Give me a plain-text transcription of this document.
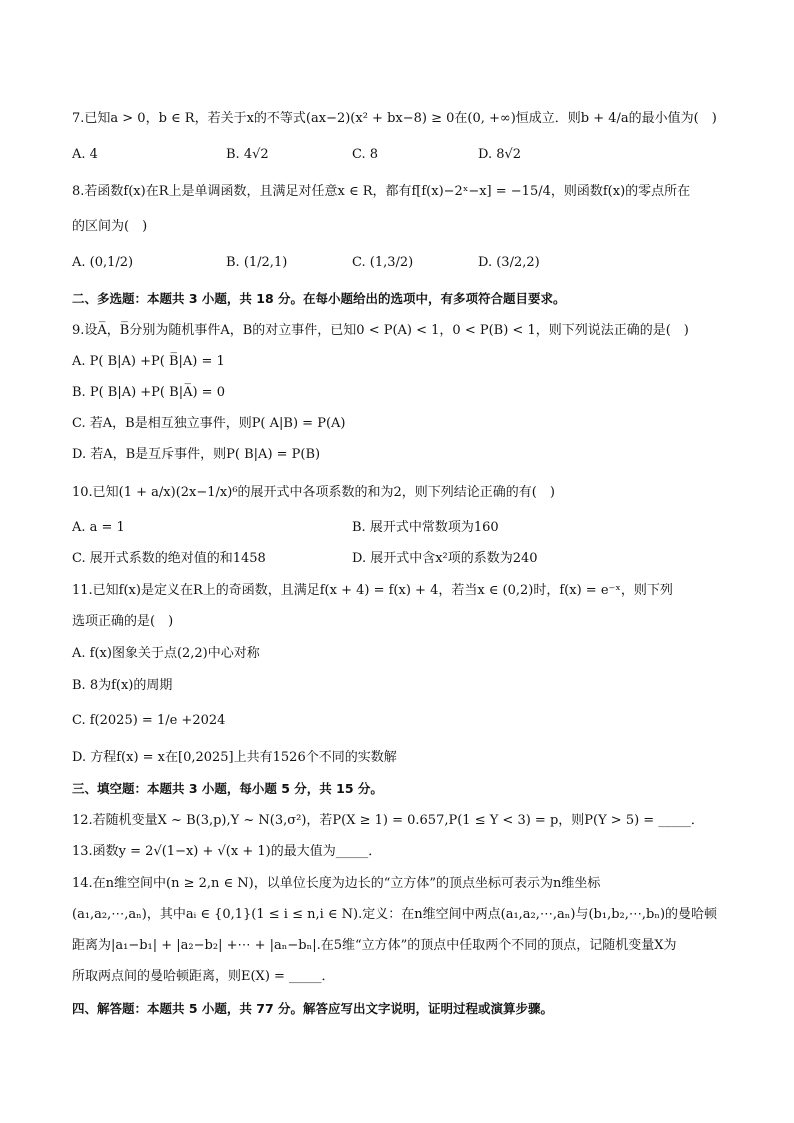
7.已知a > 0，b ∈ R，若关于x的不等式(ax−2)(x² + bx−8) ≥ 0在(0, +∞)恒成立．则b + 4/a的最小值为(　)
A. 4	B. 4√2	C. 8	D. 8√2
8.若函数f(x)在R上是单调函数，且满足对任意x ∈ R，都有f[f(x)−2ˣ−x] = −15/4，则函数f(x)的零点所在
的区间为(　)
A. (0,1/2)	B. (1/2,1)	C. (1,3/2)	D. (3/2,2)
二、多选题：本题共 3 小题，共 18 分。在每小题给出的选项中，有多项符合题目要求。
9.设A̅，B̅分别为随机事件A，B的对立事件，已知0 < P(A) < 1，0 < P(B) < 1，则下列说法正确的是(　)
A. P( B|A) +P( B̅|A) = 1
B. P( B|A) +P( B|A̅) = 0
C. 若A，B是相互独立事件，则P( A|B) = P(A)
D. 若A，B是互斥事件，则P( B|A) = P(B)
10.已知(1 + a/x)(2x−1/x)⁶的展开式中各项系数的和为2，则下列结论正确的有(　)
A. a = 1	B. 展开式中常数项为160
C. 展开式系数的绝对值的和1458	D. 展开式中含x²项的系数为240
11.已知f(x)是定义在R上的奇函数，且满足f(x + 4) = f(x) + 4，若当x ∈ (0,2)时，f(x) = e⁻ˣ，则下列
选项正确的是(　)
A. f(x)图象关于点(2,2)中心对称
B. 8为f(x)的周期
C. f(2025) = 1/e +2024
D. 方程f(x) = x在[0,2025]上共有1526个不同的实数解
三、填空题：本题共 3 小题，每小题 5 分，共 15 分。
12.若随机变量X ~ B(3,p),Y ~ N(3,σ²)，若P(X ≥ 1) = 0.657,P(1 ≤ Y < 3) = p，则P(Y > 5) = _____．
13.函数y = 2√(1−x) + √(x + 1)的最大值为_____．
14.在n维空间中(n ≥ 2,n ∈ N)，以单位长度为边长的“立方体”的顶点坐标可表示为n维坐标
(a₁,a₂,⋯,aₙ)，其中aᵢ ∈ {0,1}(1 ≤ i ≤ n,i ∈ N).定义：在n维空间中两点(a₁,a₂,⋯,aₙ)与(b₁,b₂,⋯,bₙ)的曼哈顿
距离为|a₁−b₁| + |a₂−b₂| +⋯ + |aₙ−bₙ|.在5维“立方体”的顶点中任取两个不同的顶点，记随机变量X为
所取两点间的曼哈顿距离，则E(X) = _____．
四、解答题：本题共 5 小题，共 77 分。解答应写出文字说明，证明过程或演算步骤。
